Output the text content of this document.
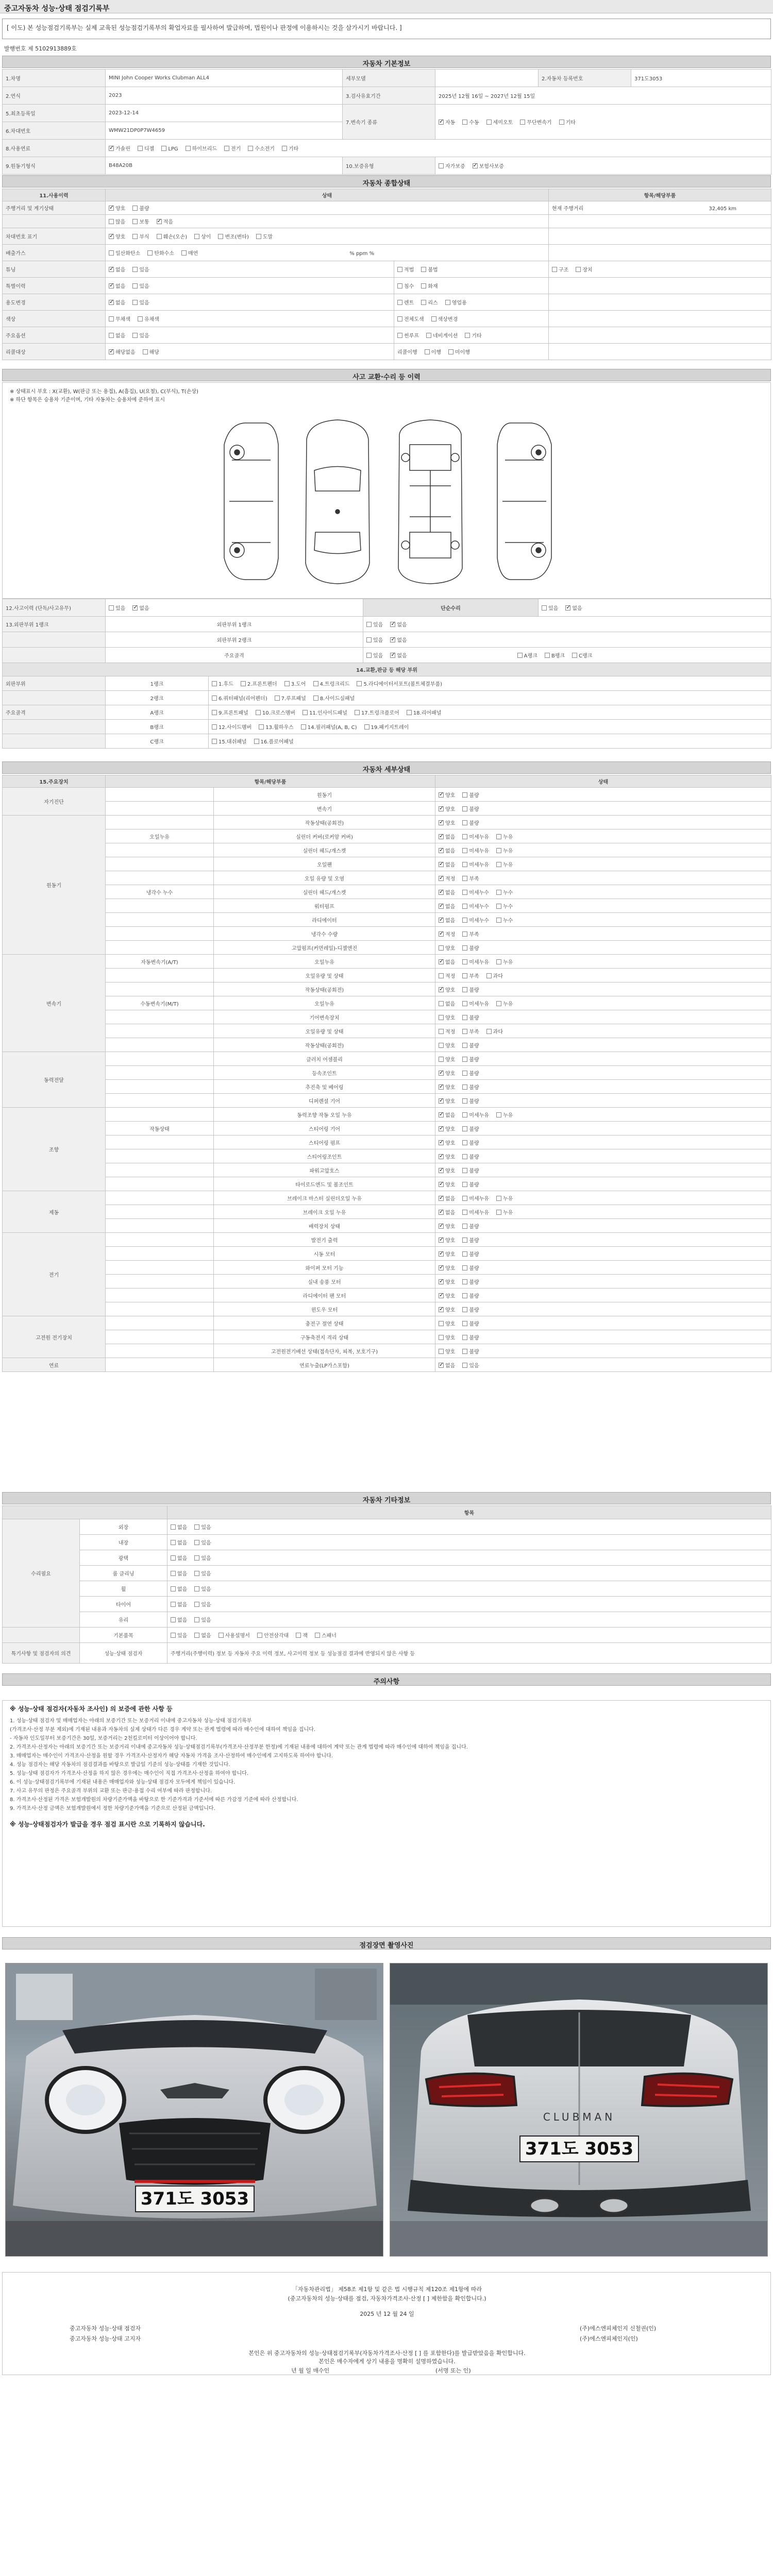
중고자동차 성능·상태 점검기록부
[ 이도) 본 성능점검기록부는 실제 교육된 성능점검기록부의 확업자료를 필사하여 발급하며, 법원이나 판정에 이용하시는 것을 삼가시기 바랍니다. ]
발행번호 제 5102913889호
자동차 기본정보
1.차명	MINI John Cooper Works Clubman ALL4	세부모델		2.자동차 등록번호	371도3053
2.연식	2023	3.검사유효기간	2025년 12월 16일 ~ 2027년 12월 15일		
5.최초등록일	2023-12-14	7.변속기 종류	✓자동 수동 세미오토 무단변속기 기타
6.차대번호	WMW21DP0P7W4659				
8.사용연료	✓가솔린 디젤 LPG 하이브리드 전기 수소전기 기타
9.원동기형식	B48A20B	10.보증유형	자가보증 ✓ 보험사보증
자동차 종합상태
11.사용이력	상태		항목/해당부품
주행거리 및 계기상태	✓양호 불량		현재 주행거리 32,405 km
	많음 보통 ✓ 적음	
차대번호 표기	✓양호 부식 훼손(오손) 상이 변조(변타) 도말	
배출가스	일산화탄소 탄화수소 매연 % ppm %		
튜닝	✓없음 있음	적법 불법	구조 장치
특별이력	✓없음 있음	침수 화재	
용도변경	✓없음 있음	렌트 리스 영업용	
색상	무채색 유채색	전체도색 색상변경	
주요옵션	없음 있음	썬루프 네비게이션 기타	
리콜대상	✓해당없음 해당	리콜이행 이행 미이행	
사고 교환·수리 등 이력
※ 상태표시 부호 : X(교환), W(판금 또는 용접), A(흠집), U(요철), C(부식), T(손상)
※ 하단 항목은 승용차 기준이며, 기타 자동차는 승용차에 준하여 표시
12.사고이력 (단독/사고유무)	있음 ✓ 없음		단순수리	있음 ✓ 없음
13.외판부위 1랭크	외판부위 1랭크		있음 ✓ 없음
	외판부위 2랭크		있음 ✓ 없음
	주요골격		있음 ✓ 없음 A랭크 B랭크 C랭크
14.교환,판금 등 해당 부위				
외판부위	1랭크	1.후드 2.프론트펜더 3.도어 4.트렁크리드 5.라디에이터서포트(볼트체결부품)		
	2랭크	6.쿼터패널(리어펜더) 7.루프패널 8.사이드실패널		
주요골격	A랭크	9.프론트패널 10.크로스멤버 11.인사이드패널 17.트렁크플로어 18.리어패널		
	B랭크	12.사이드멤버 13.휠하우스 14.필러패널(A, B, C) 19.패키지트레이		
	C랭크	15.대쉬패널 16.플로어패널		
자동차 세부상태
15.주요장치	항목/해당부품		상태
자기진단		원동기	✓양호 불량
		변속기	✓양호 불량
원동기		작동상태(공회전)	✓양호 불량
	오일누유	실린더 커버(로커암 커버)	✓없음 미세누유 누유
		실린더 헤드/개스켓	✓없음 미세누유 누유
		오일팬	✓없음 미세누유 누유
		오일 유량 및 오염	✓적정 부족
	냉각수 누수	실린더 헤드/개스켓	✓없음 미세누수 누수
		워터펌프	✓없음 미세누수 누수
		라디에이터	✓없음 미세누수 누수
		냉각수 수량	✓적정 부족
		고압펌프(커먼레일)-디젤엔진	양호 불량
변속기	자동변속기(A/T)	오일누유	✓없음 미세누유 누유
		오일유량 및 상태	적정 부족 과다
		작동상태(공회전)	✓양호 불량
	수동변속기(M/T)	오일누유	없음 미세누유 누유
		기어변속장치	양호 불량
		오일유량 및 상태	적정 부족 과다
		작동상태(공회전)	양호 불량
동력전달		클러치 어셈블리	양호 불량
		등속조인트	✓양호 불량
		추진축 및 베어링	✓양호 불량
		디퍼렌셜 기어	✓양호 불량
조향		동력조향 작동 오일 누유	✓없음 미세누유 누유
	작동상태	스티어링 기어	✓양호 불량
		스티어링 펌프	✓양호 불량
		스티어링조인트	✓양호 불량
		파워고압호스	✓양호 불량
		타이로드엔드 및 볼조인트	✓양호 불량
제동		브레이크 마스터 실린더오일 누유	✓없음 미세누유 누유
		브레이크 오일 누유	✓없음 미세누유 누유
		배력장치 상태	✓양호 불량
전기		발전기 출력	✓양호 불량
		시동 모터	✓양호 불량
		와이퍼 모터 기능	✓양호 불량
		실내 송풍 모터	✓양호 불량
		라디에이터 팬 모터	✓양호 불량
		윈도우 모터	✓양호 불량
고전원 전기장치		충전구 절연 상태	양호 불량
		구동축전지 격리 상태	양호 불량
		고전원전기배선 상태(접속단자, 피복, 보호기구)	양호 불량
연료		연료누출(LP가스포함)	✓없음 있음
자동차 기타정보
		항목
수리필요	외장	없음 있음
	내장	없음 있음
	광택	없음 있음
	룸 클리닝	없음 있음
	휠	없음 있음
	타이어	없음 있음
	유리	없음 있음
	기본품목	있음 없음 사용설명서 안전삼각대 잭 스패너
특기사항 및 점검자의 의견	성능·상태 점검자	주행거리(주행이력) 정보 등 자동차 주요 이력 정보, 사고이력 정보 등 성능점검 결과에 반영되지 않은 사항 등
주의사항
※ 성능·상태 점검자(자동차 조사인) 의 보증에 관한 사항 등
1. 성능·상태 점검자 및 매매업자는 아래의 보증기간 또는 보증거리 이내에 중고자동차 성능·상태 점검기록부
(가격조사·산정 부분 제외)에 기재된 내용과 자동차의 실제 상태가 다른 경우 계약 또는 관계 법령에 따라 매수인에 대하여 책임을 집니다.
- 자동차 인도일부터 보증기간은 30일, 보증거리는 2천킬로미터 이상이어야 합니다.
2. 가격조사·산정자는 아래의 보증기간 또는 보증거리 이내에 중고자동차 성능·상태점검기록부(가격조사·산정부분 한정)에 기재된 내용에 대하여 계약 또는 관계 법령에 따라 매수인에 대하여 책임을 집니다.
3. 매매업자는 매수인이 가격조사·산정을 원할 경우 가격조사·산정자가 해당 자동차 가격을 조사·산정하여 매수인에게 고지하도록 하여야 합니다.
4. 성능 점검자는 해당 자동차의 점검결과를 바탕으로 발급일 기준의 성능·상태를 기재한 것입니다.
5. 성능·상태 점검자가 가격조사·산정을 하지 않은 경우에는 매수인이 직접 가격조사·산정을 하여야 합니다.
6. 이 성능·상태점검기록부에 기재된 내용은 매매업자와 성능·상태 점검자 모두에게 책임이 있습니다.
7. 사고 유무의 판정은 주요골격 부위의 교환 또는 판금·용접 수리 여부에 따라 판정합니다.
8. 가격조사·산정된 가격은 보험개발원의 차량기준가액을 바탕으로 한 기준가격과 기준서에 따른 가감정 기준에 따라 산정합니다.
9. 가격조사·산정 금액은 보험개발원에서 정한 차량기준가액을 기준으로 산정된 금액입니다.
※ 성능·상태점검자가 발급을 경우 점검 표시란 으로 기록하지 않습니다.
점검장면 촬영사진
371도 3053
CLUBMAN
371도 3053
「자동차관리법」 제58조 제1항 및 같은 법 시행규칙 제120조 제1항에 따라
(중고자동차의 성능·상태를 점검, 자동차가격조사·산정 [ ] 제한함을 확인합니다.)
2025 년 12 월 24 일
중고자동차 성능·상태 점검자	(주)에스엔피체인지 신철권(인)
중고자동차 성능·상태 고지자	(주)에스엔피체인지(인)
본인은 위 중고자동차의 성능·상태점검기록부(자동차가격조사·산정 [ ] 를 포함한다)를 발급받았음을 확인합니다.
본인은 매수자에게 상기 내용을 명확히 설명하였습니다.
년 월 일 매수인	(서명 또는 인)
